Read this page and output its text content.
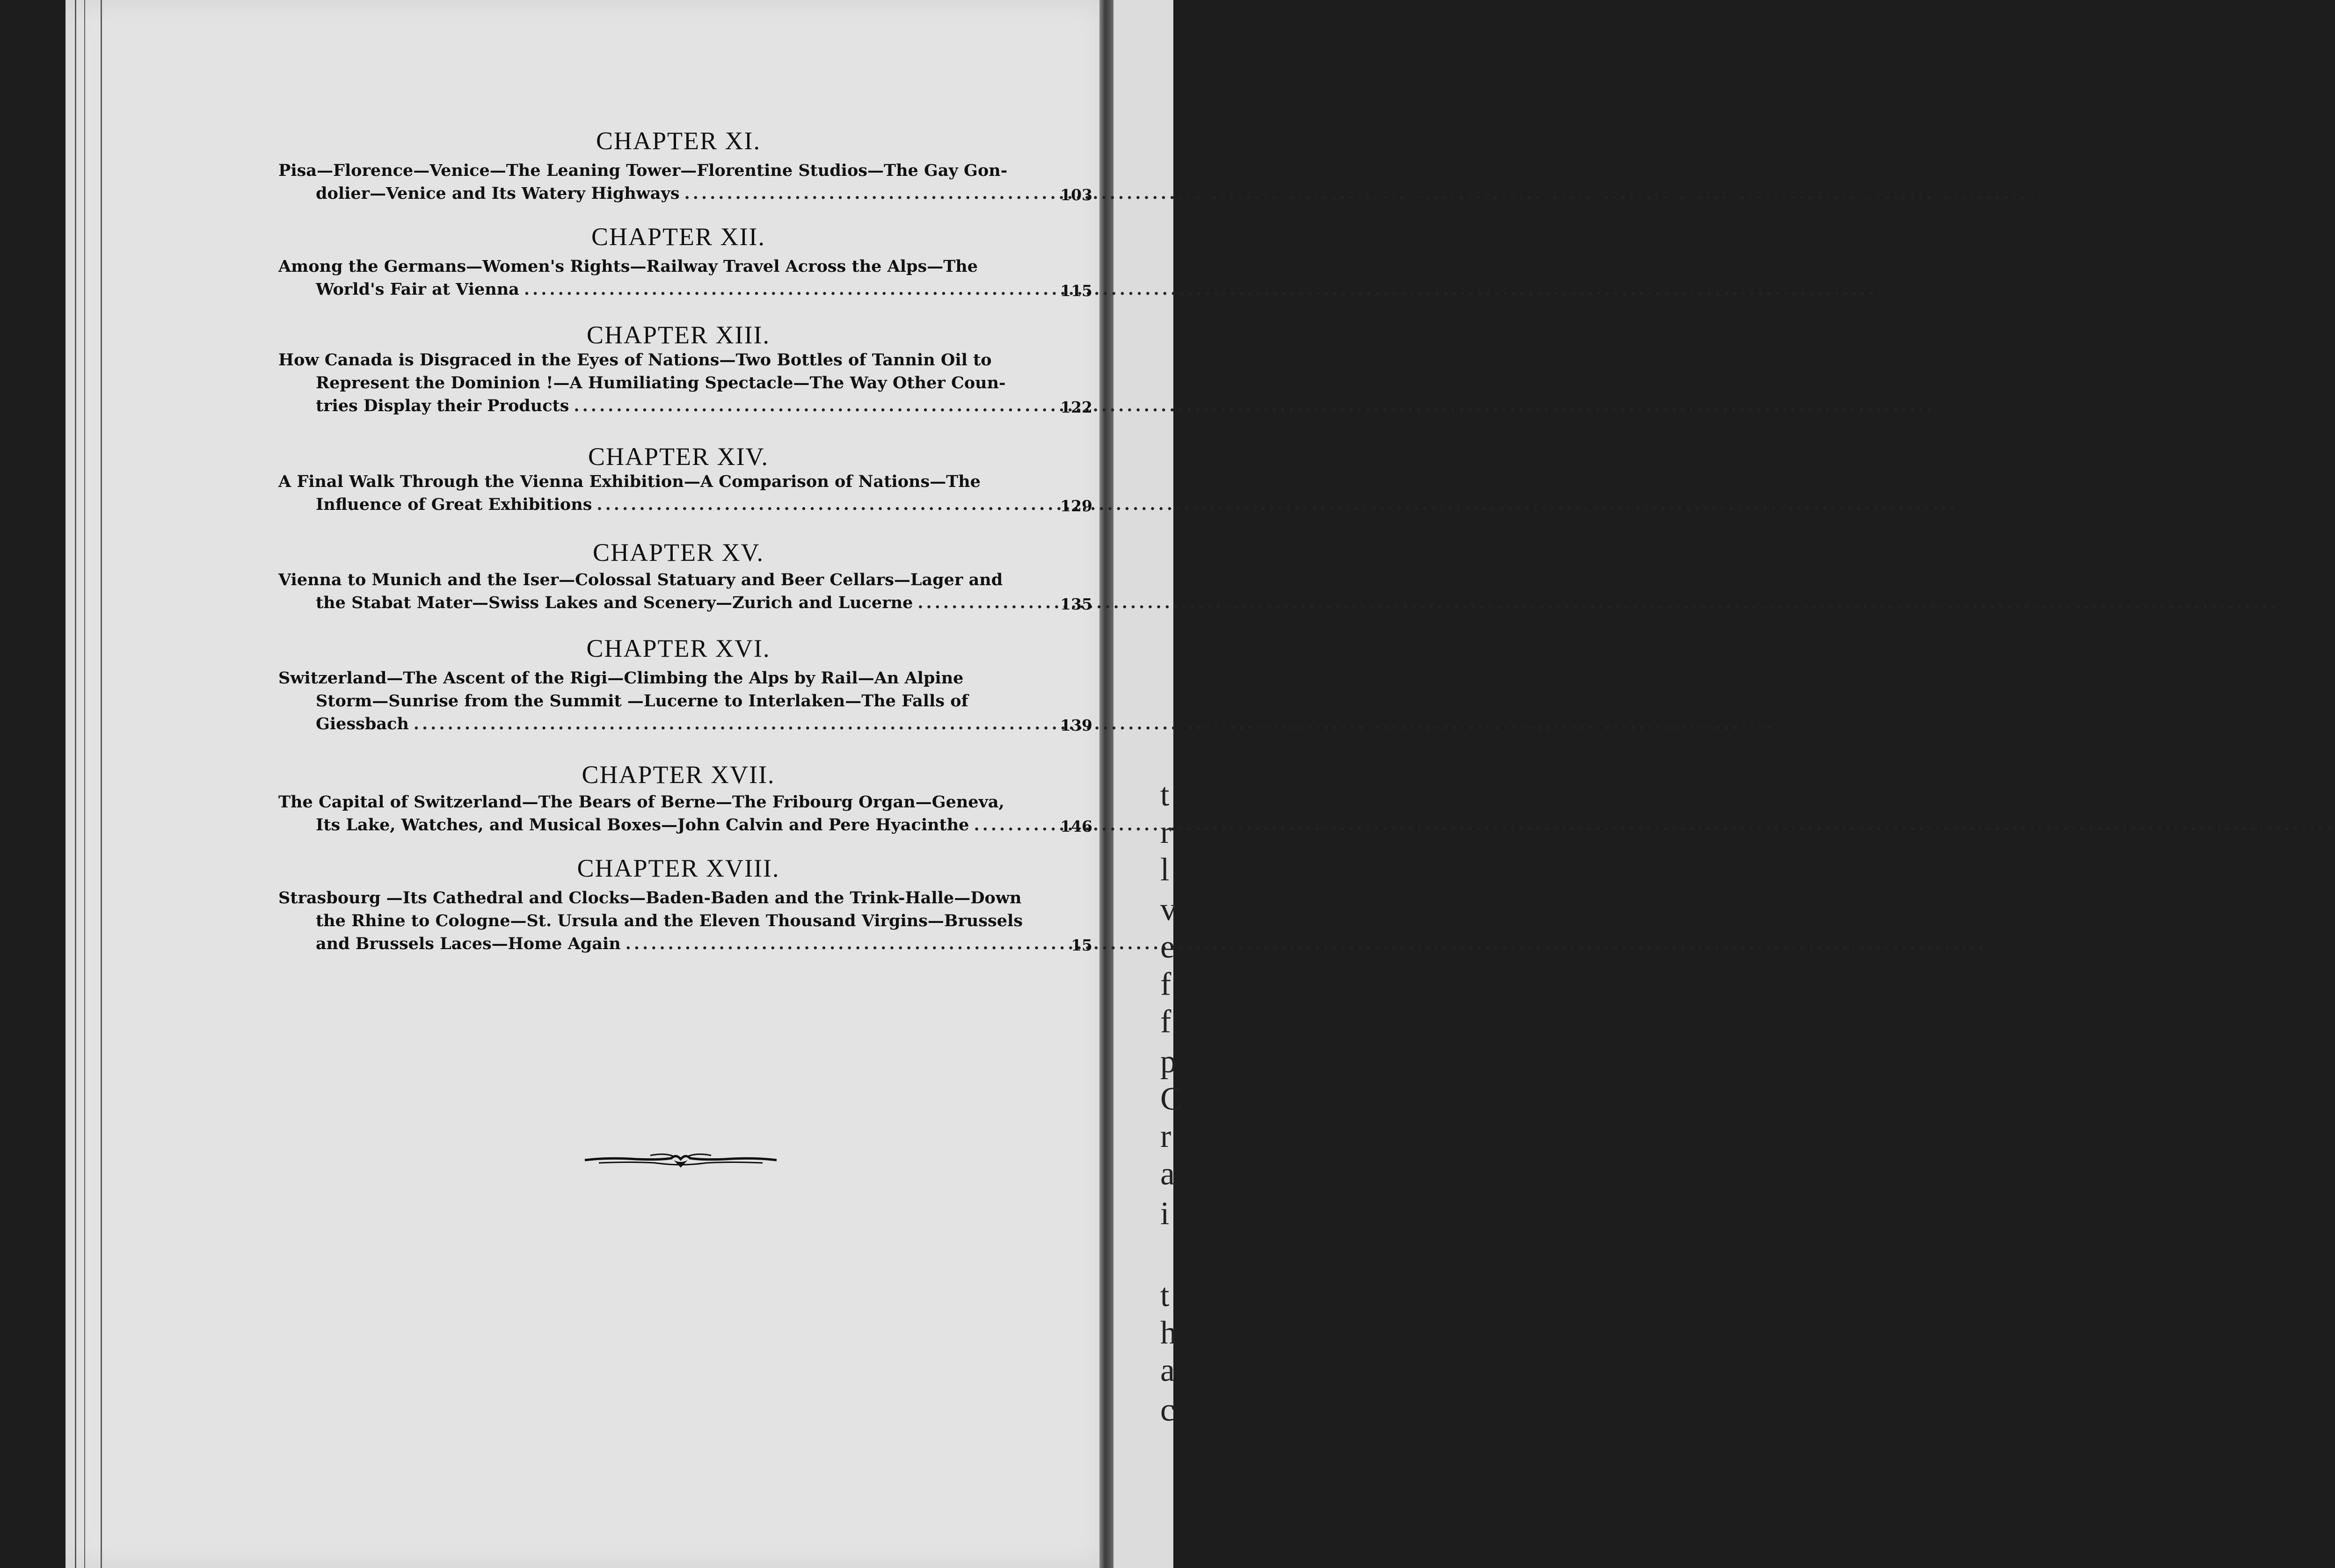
t
r
l
v
e
f
f
p
C
r
a
i
t
h
a
c
CHAPTER XI.
Pisa—Florence—Venice—The Leaning Tower—Florentine Studios—The Gay Gon-
dolier—Venice and Its Watery Highways .....	103
CHAPTER XII.
Among the Germans—Women's Rights—Railway Travel Across the Alps—The
World's Fair at Vienna .....	115
CHAPTER XIII.
How Canada is Disgraced in the Eyes of Nations—Two Bottles of Tannin Oil to
Represent the Dominion !—A Humiliating Spectacle—The Way Other Coun-
tries Display their Products .....	122
CHAPTER XIV.
A Final Walk Through the Vienna Exhibition—A Comparison of Nations—The
Influence of Great Exhibitions .....	129
CHAPTER XV.
Vienna to Munich and the Iser—Colossal Statuary and Beer Cellars—Lager and
the Stabat Mater—Swiss Lakes and Scenery—Zurich and Lucerne .....	135
CHAPTER XVI.
Switzerland—The Ascent of the Rigi—Climbing the Alps by Rail—An Alpine
Storm—Sunrise from the Summit —Lucerne to Interlaken—The Falls of
Giessbach .....	139
CHAPTER XVII.
The Capital of Switzerland—The Bears of Berne—The Fribourg Organ—Geneva,
Its Lake, Watches, and Musical Boxes—John Calvin and Pere Hyacinthe .....	146
CHAPTER XVIII.
Strasbourg —Its Cathedral and Clocks—Baden-Baden and the Trink-Halle—Down
the Rhine to Cologne—St. Ursula and the Eleven Thousand Virgins—Brussels
and Brussels Laces—Home Again .....	15
